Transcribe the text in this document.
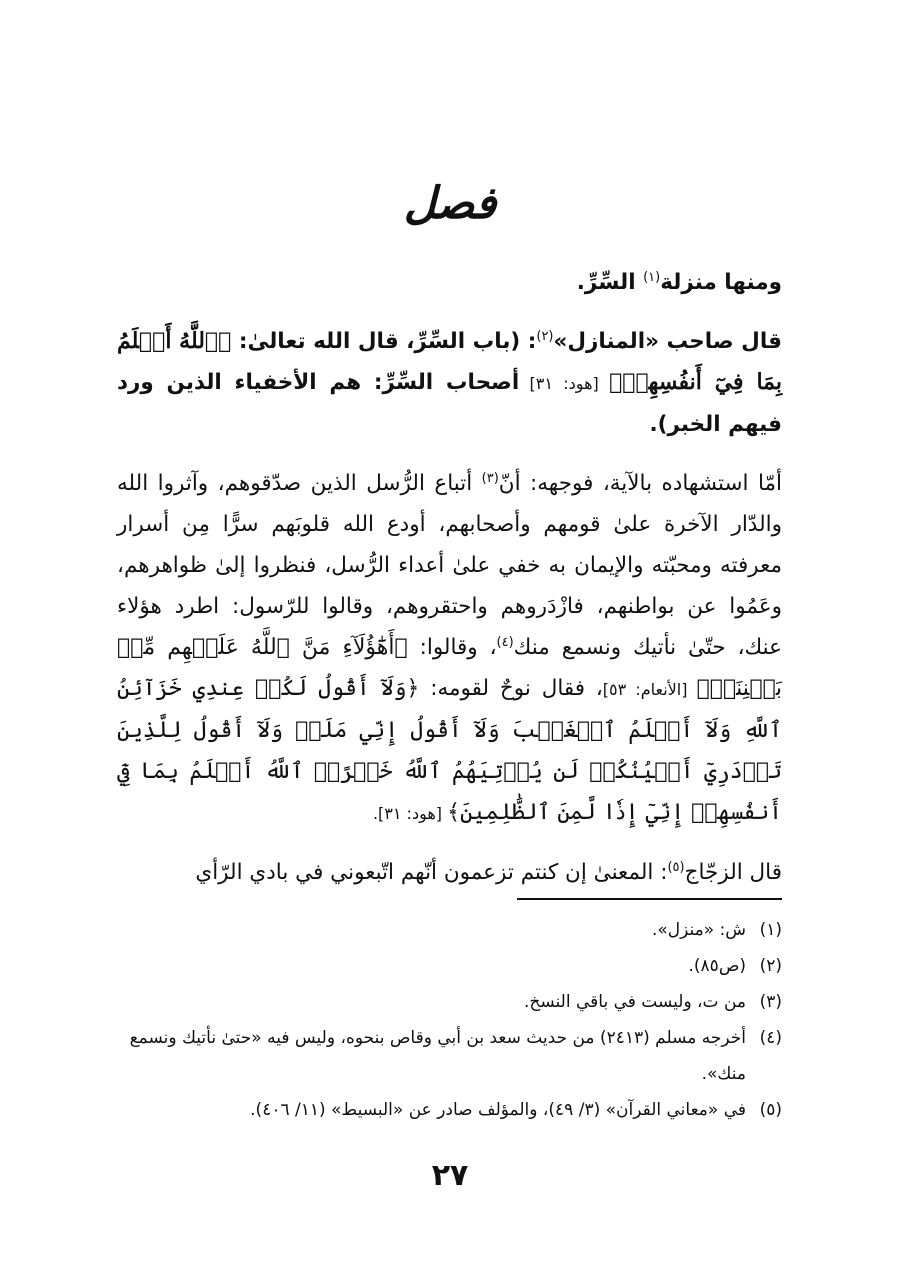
فصل

ومنها منزلة$^{(١)}$ السِّرِّ.

قال صاحب «المنازل»$^{(٢)}$: (باب السِّرِّ، قال الله تعالىٰ: ﴿ٱللَّهُ أَعۡلَمُ بِمَا فِيٓ أَنفُسِهِمۡ﴾ [هود: ٣١] أصحاب السِّرِّ: هم الأخفياء الذين ورد فيهم الخبر).

أمّا استشهاده بالآية، فوجهه: أنّ$^{(٣)}$ أتباع الرُّسل الذين صدّقوهم، وآثروا الله والدّار الآخرة علىٰ قومهم وأصحابهم، أودع الله قلوبَهم سرًّا مِن أسرار معرفته ومحبّته والإيمان به خفي علىٰ أعداء الرُّسل، فنظروا إلىٰ ظواهرهم، وعَمُوا عن بواطنهم، فازْدَروهم واحتقروهم، وقالوا للرّسول: اطرد هؤلاء عنك، حتّىٰ نأتيك ونسمع منك$^{(٤)}$، وقالوا: ﴿أَهَٰٓؤُلَآءِ مَنَّ ٱللَّهُ عَلَيۡهِم مِّنۢ بَيۡنِنَآۗ﴾ [الأنعام: ٥٣]، فقال نوحٌ لقومه: ﴿وَلَآ أَقُولُ لَكُمۡ عِندِي خَزَآئِنُ ٱللَّهِ وَلَآ أَعۡلَمُ ٱلۡغَيۡبَ وَلَآ أَقُولُ إِنِّي مَلَكٞ وَلَآ أَقُولُ لِلَّذِينَ تَزۡدَرِيٓ أَعۡيُنُكُمۡ لَن يُؤۡتِيَهُمُ ٱللَّهُ خَيۡرًاۖ ٱللَّهُ أَعۡلَمُ بِمَا فِيٓ أَنفُسِهِمۡ إِنِّيٓ إِذٗا لَّمِنَ ٱلظَّٰلِمِينَ﴾ [هود: ٣١].

قال الزجّاج$^{(٥)}$: المعنىٰ إن كنتم تزعمون أنّهم اتّبعوني في بادي الرّأي

(١)
ش: «منزل».
(٢)
(ص٨٥).
(٣)
من ت، وليست في باقي النسخ.
(٤)
أخرجه مسلم (٢٤١٣) من حديث سعد بن أبي وقاص بنحوه، وليس فيه «حتىٰ نأتيك ونسمع منك».
(٥)
في «معاني القرآن» (٣/ ٤٩)، والمؤلف صادر عن «البسيط» (١١/ ٤٠٦).
٢٧
